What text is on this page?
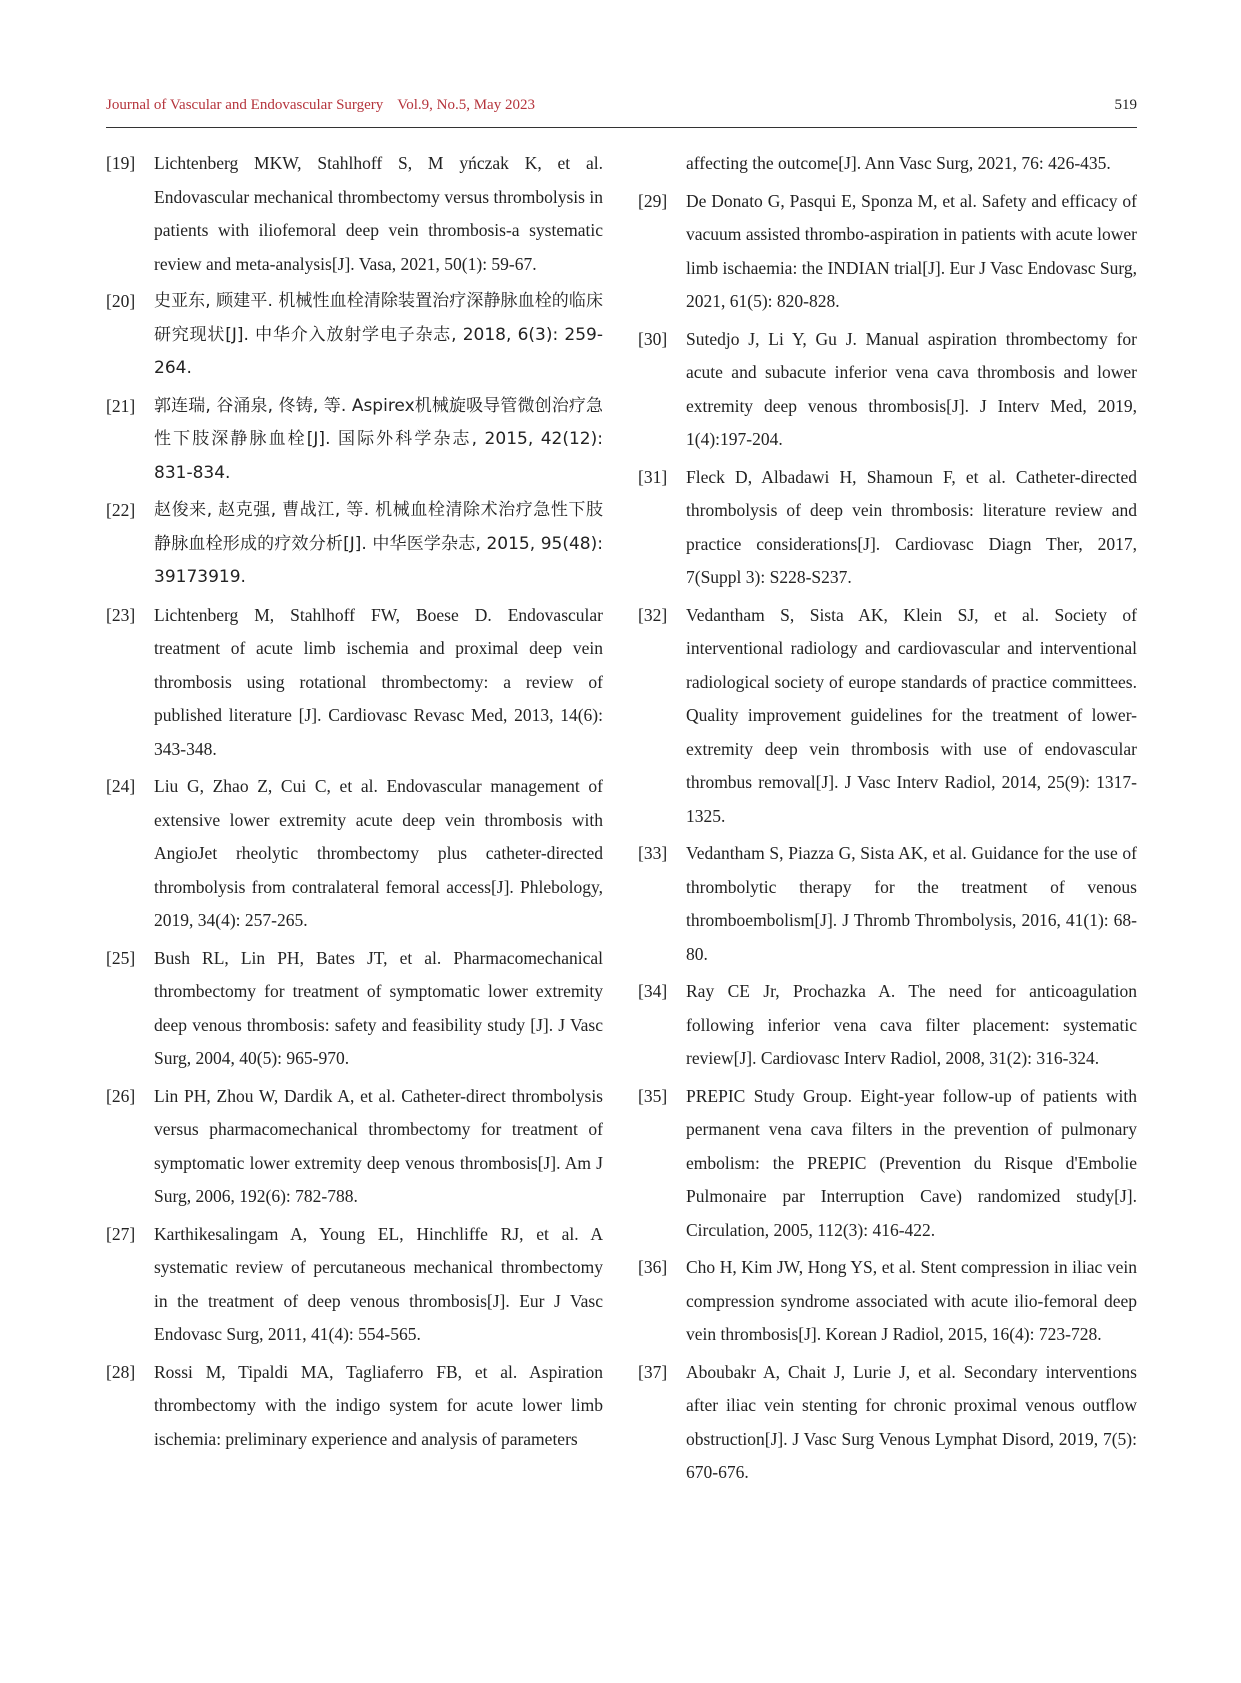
Journal of Vascular and Endovascular Surgery Vol.9, No.5, May 2023	519
[19]	Lichtenberg MKW, Stahlhoff S, M yńczak K, et al. Endovascular mechanical thrombectomy versus thrombolysis in patients with iliofemoral deep vein thrombosis-a systematic review and meta-analysis[J]. Vasa, 2021, 50(1): 59-67.
[20]	史亚东, 顾建平. 机械性血栓清除装置治疗深静脉血栓的临床研究现状[J]. 中华介入放射学电子杂志, 2018, 6(3): 259-264.
[21]	郭连瑞, 谷涌泉, 佟铸, 等. Aspirex机械旋吸导管微创治疗急性下肢深静脉血栓[J]. 国际外科学杂志, 2015, 42(12): 831-834.
[22]	赵俊来, 赵克强, 曹战江, 等. 机械血栓清除术治疗急性下肢静脉血栓形成的疗效分析[J]. 中华医学杂志, 2015, 95(48): 39173919.
[23]	Lichtenberg M, Stahlhoff FW, Boese D. Endovascular treatment of acute limb ischemia and proximal deep vein thrombosis using rotational thrombectomy: a review of published literature [J]. Cardiovasc Revasc Med, 2013, 14(6): 343-348.
[24]	Liu G, Zhao Z, Cui C, et al. Endovascular management of extensive lower extremity acute deep vein thrombosis with AngioJet rheolytic thrombectomy plus catheter-directed thrombolysis from contralateral femoral access[J]. Phlebology, 2019, 34(4): 257-265.
[25]	Bush RL, Lin PH, Bates JT, et al. Pharmacomechanical thrombectomy for treatment of symptomatic lower extremity deep venous thrombosis: safety and feasibility study [J]. J Vasc Surg, 2004, 40(5): 965-970.
[26]	Lin PH, Zhou W, Dardik A, et al. Catheter-direct thrombolysis versus pharmacomechanical thrombectomy for treatment of symptomatic lower extremity deep venous thrombosis[J]. Am J Surg, 2006, 192(6): 782-788.
[27]	Karthikesalingam A, Young EL, Hinchliffe RJ, et al. A systematic review of percutaneous mechanical thrombectomy in the treatment of deep venous thrombosis[J]. Eur J Vasc Endovasc Surg, 2011, 41(4): 554-565.
[28]	Rossi M, Tipaldi MA, Tagliaferro FB, et al. Aspiration thrombectomy with the indigo system for acute lower limb ischemia: preliminary experience and analysis of parameters
affecting the outcome[J]. Ann Vasc Surg, 2021, 76: 426-435.
[29]	De Donato G, Pasqui E, Sponza M, et al. Safety and efficacy of vacuum assisted thrombo-aspiration in patients with acute lower limb ischaemia: the INDIAN trial[J]. Eur J Vasc Endovasc Surg, 2021, 61(5): 820-828.
[30]	Sutedjo J, Li Y, Gu J. Manual aspiration thrombectomy for acute and subacute inferior vena cava thrombosis and lower extremity deep venous thrombosis[J]. J Interv Med, 2019, 1(4):197-204.
[31]	Fleck D, Albadawi H, Shamoun F, et al. Catheter-directed thrombolysis of deep vein thrombosis: literature review and practice considerations[J]. Cardiovasc Diagn Ther, 2017, 7(Suppl 3): S228-S237.
[32]	Vedantham S, Sista AK, Klein SJ, et al. Society of interventional radiology and cardiovascular and interventional radiological society of europe standards of practice committees. Quality improvement guidelines for the treatment of lower-extremity deep vein thrombosis with use of endovascular thrombus removal[J]. J Vasc Interv Radiol, 2014, 25(9): 1317-1325.
[33]	Vedantham S, Piazza G, Sista AK, et al. Guidance for the use of thrombolytic therapy for the treatment of venous thromboembolism[J]. J Thromb Thrombolysis, 2016, 41(1): 68-80.
[34]	Ray CE Jr, Prochazka A. The need for anticoagulation following inferior vena cava filter placement: systematic review[J]. Cardiovasc Interv Radiol, 2008, 31(2): 316-324.
[35]	PREPIC Study Group. Eight-year follow-up of patients with permanent vena cava filters in the prevention of pulmonary embolism: the PREPIC (Prevention du Risque d'Embolie Pulmonaire par Interruption Cave) randomized study[J]. Circulation, 2005, 112(3): 416-422.
[36]	Cho H, Kim JW, Hong YS, et al. Stent compression in iliac vein compression syndrome associated with acute ilio-femoral deep vein thrombosis[J]. Korean J Radiol, 2015, 16(4): 723-728.
[37]	Aboubakr A, Chait J, Lurie J, et al. Secondary interventions after iliac vein stenting for chronic proximal venous outflow obstruction[J]. J Vasc Surg Venous Lymphat Disord, 2019, 7(5): 670-676.
